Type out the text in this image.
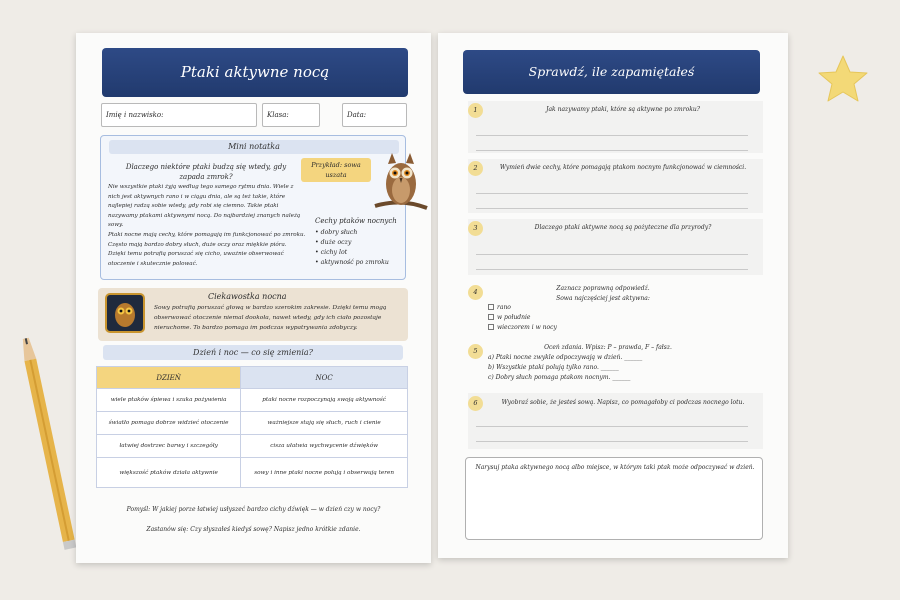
Ptaki aktywne nocą
Imię i nazwisko:	Klasa:	Data:
Mini notatka
Dlaczego niektóre ptaki budzą się wtedy, gdy zapada zmrok?

Nie wszystkie ptaki żyją według tego samego rytmu dnia. Wiele z nich jest aktywnych rano i w ciągu dnia, ale są też takie, które najlepiej radzą sobie wtedy, gdy robi się ciemno. Takie ptaki nazywamy ptakami aktywnymi nocą. Do najbardziej znanych należą sowy.

Ptaki nocne mają cechy, które pomagają im funkcjonować po zmroku. Często mają bardzo dobry słuch, duże oczy oraz miękkie pióra. Dzięki temu potrafią poruszać się cicho, uważnie obserwować otoczenie i skutecznie polować.

Przykład: sowa uszata
Cechy ptaków nocnych
• dobry słuch
• duże oczy
• cichy lot
• aktywność po zmroku
Ciekawostka nocna
Sowy potrafią poruszać głową w bardzo szerokim zakresie. Dzięki temu mogą obserwować otoczenie niemal dookoła, nawet wtedy, gdy ich ciało pozostaje nieruchome. To bardzo pomaga im podczas wypatrywania zdobyczy.
Dzień i noc — co się zmienia?
DZIEŃ	NOC
wiele ptaków śpiewa i szuka pożywienia	ptaki nocne rozpoczynają swoją aktywność
światło pomaga dobrze widzieć otoczenie	ważniejsze stają się słuch, ruch i cienie
łatwiej dostrzec barwy i szczegóły	cisza ułatwia wychwycenie dźwięków
większość ptaków działa aktywnie	sowy i inne ptaki nocne polują i obserwują teren
Pomyśl: W jakiej porze łatwiej usłyszeć bardzo cichy dźwięk — w dzień czy w nocy?
Zastanów się: Czy słyszałeś kiedyś sowę? Napisz jedno krótkie zdanie.
Sprawdź, ile zapamiętałeś
1	Jak nazywamy ptaki, które są aktywne po zmroku?
2	Wymień dwie cechy, które pomagają ptakom nocnym funkcjonować w ciemności.
3	Dlaczego ptaki aktywne nocą są pożyteczne dla przyrody?
4	Zaznacz poprawną odpowiedź.
Sowa najczęściej jest aktywna:
rano
w południe
wieczorem i w nocy
5	Oceń zdania. Wpisz: P – prawda, F – fałsz.
a) Ptaki nocne zwykle odpoczywają w dzień. ______
b) Wszystkie ptaki polują tylko rano. ______
c) Dobry słuch pomaga ptakom nocnym. ______
6	Wyobraź sobie, że jesteś sową. Napisz, co pomagałoby ci podczas nocnego lotu.
Narysuj ptaka aktywnego nocą albo miejsce, w którym taki ptak może odpoczywać w dzień.
